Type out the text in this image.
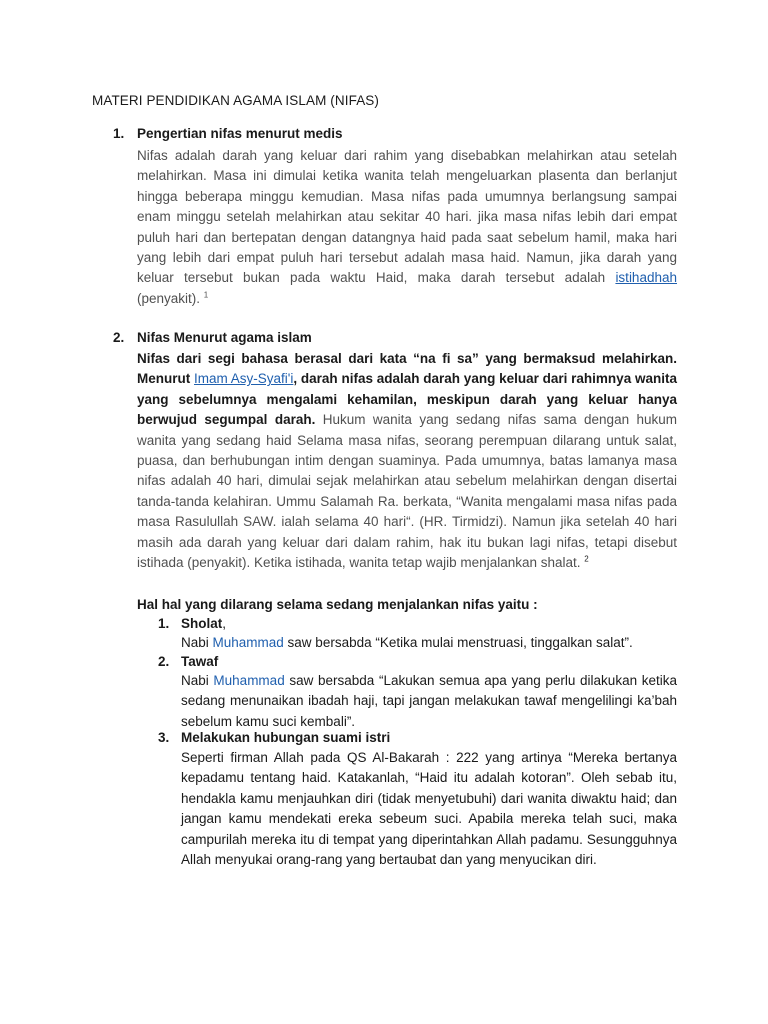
MATERI PENDIDIKAN AGAMA ISLAM (NIFAS)
1. Pengertian nifas menurut medis

Nifas adalah darah yang keluar dari rahim yang disebabkan melahirkan atau setelah melahirkan. Masa ini dimulai ketika wanita telah mengeluarkan plasenta dan berlanjut hingga beberapa minggu kemudian. Masa nifas pada umumnya berlangsung sampai enam minggu setelah melahirkan atau sekitar 40 hari. jika masa nifas lebih dari empat puluh hari dan bertepatan dengan datangnya haid pada saat sebelum hamil, maka hari yang lebih dari empat puluh hari tersebut adalah masa haid. Namun, jika darah yang keluar tersebut bukan pada waktu Haid, maka darah tersebut adalah istihadhah (penyakit). $^1$

2. Nifas Menurut agama islam

Nifas dari segi bahasa berasal dari kata “na fi sa” yang bermaksud melahirkan. Menurut Imam Asy-Syafi'i, darah nifas adalah darah yang keluar dari rahimnya wanita yang sebelumnya mengalami kehamilan, meskipun darah yang keluar hanya berwujud segumpal darah. Hukum wanita yang sedang nifas sama dengan hukum wanita yang sedang haid Selama masa nifas, seorang perempuan dilarang untuk salat, puasa, dan berhubungan intim dengan suaminya. Pada umumnya, batas lamanya masa nifas adalah 40 hari, dimulai sejak melahirkan atau sebelum melahirkan dengan disertai tanda-tanda kelahiran. Ummu Salamah Ra. berkata, “Wanita mengalami masa nifas pada masa Rasulullah SAW. ialah selama 40 hari“. (HR. Tirmidzi). Namun jika setelah 40 hari masih ada darah yang keluar dari dalam rahim, hak itu bukan lagi nifas, tetapi disebut istihada (penyakit). Ketika istihada, wanita tetap wajib menjalankan shalat. $^2$

Hal hal yang dilarang selama sedang menjalankan nifas yaitu :
1. Sholat,

Nabi Muhammad saw bersabda “Ketika mulai menstruasi, tinggalkan salat”.

2. Tawaf

Nabi Muhammad saw bersabda “Lakukan semua apa yang perlu dilakukan ketika sedang menunaikan ibadah haji, tapi jangan melakukan tawaf mengelilingi ka’bah sebelum kamu suci kembali”.

3. Melakukan hubungan suami istri

Seperti firman Allah pada QS Al-Bakarah : 222 yang artinya “Mereka bertanya kepadamu tentang haid. Katakanlah, “Haid itu adalah kotoran”. Oleh sebab itu, hendakla kamu menjauhkan diri (tidak menyetubuhi) dari wanita diwaktu haid; dan jangan kamu mendekati ereka sebeum suci. Apabila mereka telah suci, maka campurilah mereka itu di tempat yang diperintahkan Allah padamu. Sesungguhnya Allah menyukai orang-rang yang bertaubat dan yang menyucikan diri.
